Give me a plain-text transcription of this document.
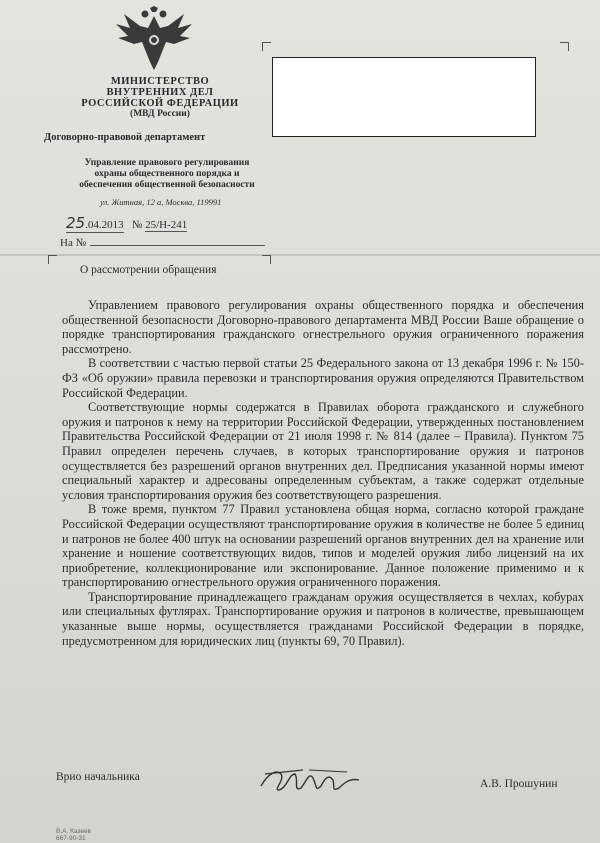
МИНИСТЕРСТВО
ВНУТРЕННИХ ДЕЛ
РОССИЙСКОЙ ФЕДЕРАЦИИ
(МВД России)
Договорно-правовой департамент
Управление правового регулирования
охраны общественного порядка и
обеспечения общественной безопасности
ул. Житная, 12 а, Москва, 119991
25.04.2013 № 25/Н-241
На №
О рассмотрении обращения

Управлением правового регулирования охраны общественного порядка и обеспечения общественной безопасности Договорно-правового департамента МВД России Ваше обращение о порядке транспортирования гражданского огнестрельного оружия ограниченного поражения рассмотрено.

В соответствии с частью первой статьи 25 Федерального закона от 13 декабря 1996 г. № 150-ФЗ «Об оружии» правила перевозки и транспортирования оружия определяются Правительством Российской Федерации.

Соответствующие нормы содержатся в Правилах оборота гражданского и служебного оружия и патронов к нему на территории Российской Федерации, утвержденных постановлением Правительства Российской Федерации от 21 июля 1998 г. № 814 (далее – Правила). Пунктом 75 Правил определен перечень случаев, в которых транспортирование оружия и патронов осуществляется без разрешений органов внутренних дел. Предписания указанной нормы имеют специальный характер и адресованы определенным субъектам, а также содержат отдельные условия транспортирования оружия без соответствующего разрешения.

В тоже время, пунктом 77 Правил установлена общая норма, согласно которой граждане Российской Федерации осуществляют транспортирование оружия в количестве не более 5 единиц и патронов не более 400 штук на основании разрешений органов внутренних дел на хранение или хранение и ношение соответствующих видов, типов и моделей оружия либо лицензий на их приобретение, коллекционирование или экспонирование. Данное положение применимо и к транспортированию огнестрельного оружия ограниченного поражения.

Транспортирование принадлежащего гражданам оружия осуществляется в чехлах, кобурах или специальных футлярах. Транспортирование оружия и патронов в количестве, превышающем указанные выше нормы, осуществляется гражданами Российской Федерации в порядке, предусмотренном для юридических лиц (пункты 69, 70 Правил).

Врио начальника
А.В. Прошунин
В.А. Казеев
667-90-31
